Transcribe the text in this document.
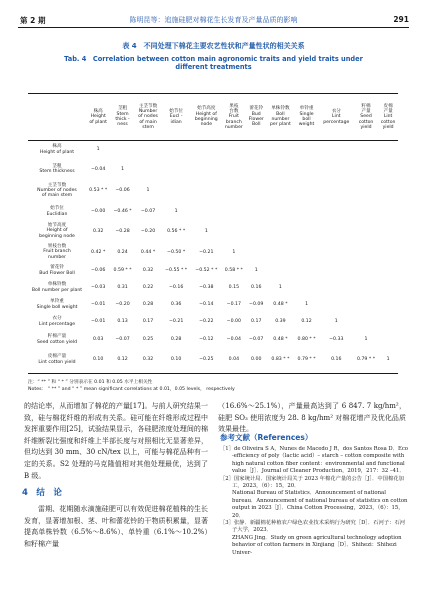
第 2 期	陈明昆等：追施硅肥对棉花生长发育及产量品质的影响	291
表 4　不同处理下棉花主要农艺性状和产量性状的相关关系
Tab. 4　Correlation between cotton main agronomic traits and yield traits under
different treatments
	株高
Height
of plant	茎粗
Stem
thick -
ness	主茎节数
Number
of nodes
of main
stem	始节位
Eucl -
idian	始节高度
Height of
beginning
node	果枝
台数
Fruit
branch
number	蕾花铃
Bud
Flower
Boll	单株铃数
Boll
number
per plant	单铃重
Single
boll
weight	衣分
Lint
percentage	籽棉
产量
Seed
cotton
yield	皮棉
产量
Lint
cotton
yield
株高
Height of plant	1											
茎粗
Stem thickness	−0.04	1										
主茎节数
Number of nodes
of main stem	0.53 * *	−0.06	1									
始节位
Euclidian	−0.00	−0.46 *	−0.07	1								
始节高度
Height of
beginning node	0.32	−0.28	−0.20	0.56 * *	1							
果枝台数
Fruit branch
number	0.42 *	0.24	0.44 *	−0.50 *	−0.21	1						
蕾花铃
Bud Flower Boll	−0.06	0.59 * *	0.32	−0.55 * *	−0.52 * *	0.58 * *	1					
单株铃数
Boll number per plant	−0.03	0.31	0.22	−0.16	−0.38	0.15	0.16	1				
单铃重
Single boll weight	−0.01	−0.20	0.28	0.36	−0.14	−0.17	−0.09	0.48 *	1			
衣分
Lint percentage	−0.01	0.13	0.17	−0.21	−0.22	−0.00	0.17	0.39	0.12	1		
籽棉产量
Seed cotton yield	0.03	−0.07	0.25	0.28	−0.12	−0.04	−0.07	0.48 *	0.80 * *	−0.33	1	
皮棉产量
Lint cotton yield	0.10	0.12	0.32	0.10	−0.25	0.04	0.00	0.83 * *	0.79 * *	0.16	0.79 * *	1
注：“ ** ” 和 “ * ” 分别表示在 0.01 和 0.05 水平上相关性
Notes： “ ** ” and “ * ” mean significant correlations at 0.01，0.05 levels， respectively

的结论率，从而增加了棉花的产量[17]。与前人研究结果一致，硅与棉花纤维的形成有关系。硅可能在纤维形成过程中发挥重要作用[25]，试验结果显示，各硅肥浓度处理间的棉纤维断裂比强度和纤维上半部长度与对照相比无显著差异，但均达到 30 mm、30 cN/tex 以上，可能与棉花品种有一定的关系。S2 处理的马克隆值相对其他处理最优，达到了 B 级。

4　结　论

雷期、花期随水滴施硅肥可以有效促进棉花植株的生长发育，显著增加根、茎、叶和蕾花铃的干物质积累量，显著提高单株铃数（6.5%～8.6%）、单铃重（6.1%～10.2%）和籽棉产量

（16.6%～25.1%），产量最高达到了 6 847. 7 kg/hm²，硅肥 SO₃ 使用浓度为 28. 8 kg/hm² 对棉花增产及优化品质效果最佳。

参考文献（References）

［1］de Oliveira S A，Nunes de Macedo J R，dos Santos Rosa D．Eco -efficiency of poly（lactic acid）– starch – cotton composite with high natural cotton fiber content：environmental and functional value［J］．Journal of Cleaner Production，2019，217：32 –41．

［2］国家统计局．国家统计局关于 2023 年棉花产量的公告［J］．中国棉花加工，2023，（6）：15，20．

National Bureau of Statistics．Announcement of national bureau．Announcement of national bureau of statistics on cotton output in 2023［J］．China Cotton Processing，2023，（6）：15，20．

［3］张静．新疆棉花种植农户绿色农业技术采纳行为研究［D］．石河子：石河子大学，2023．

ZHANG Jing．Study on green agricultural technology adoption behavior of cotton farmers in Xinjiang［D］．Shihezi：Shihezi Univer-
